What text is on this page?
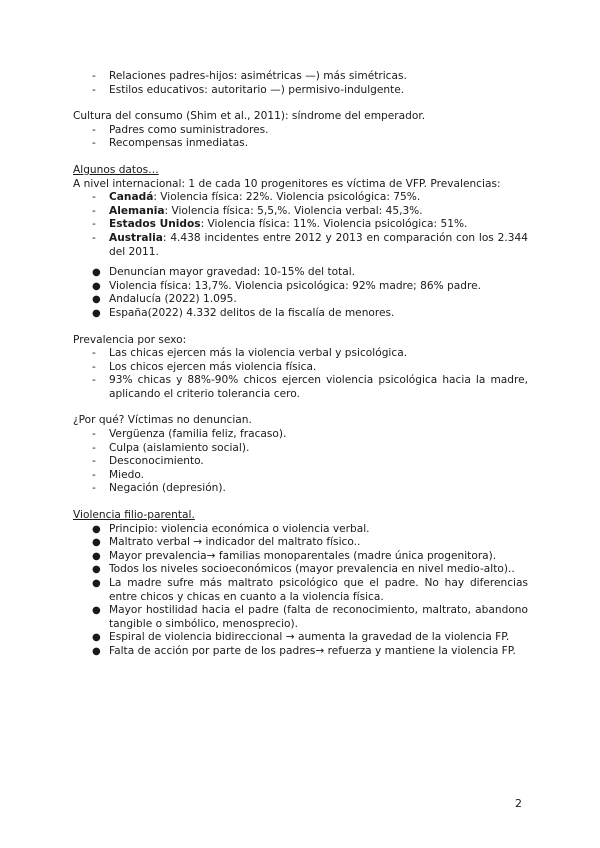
- Relaciones padres-hijos: asimétricas —) más simétricas.
- Estilos educativos: autoritario —) permisivo-indulgente.

Cultura del consumo (Shim et al., 2011): síndrome del emperador.

- Padres como suministradores.
- Recompensas inmediatas.

Algunos datos…

A nivel internacional: 1 de cada 10 progenitores es víctima de VFP. Prevalencias:

- Canadá: Violencia física: 22%. Violencia psicológica: 75%.
- Alemania: Violencia física: 5,5,%. Violencia verbal: 45,3%.
- Estados Unidos: Violencia física: 11%. Violencia psicológica: 51%.
- Australia: 4.438 incidentes entre 2012 y 2013 en comparación con los 2.344 del 2011.
● Denuncian mayor gravedad: 10-15% del total.
● Violencia física: 13,7%. Violencia psicológica: 92% madre; 86% padre.
● Andalucía (2022) 1.095.
● España(2022) 4.332 delitos de la fiscalía de menores.

Prevalencia por sexo:

- Las chicas ejercen más la violencia verbal y psicológica.
- Los chicos ejercen más violencia física.
- 93% chicas y 88%-90% chicos ejercen violencia psicológica hacia la madre, aplicando el criterio tolerancia cero.

¿Por qué? Víctimas no denuncian.

- Vergüenza (familia feliz, fracaso).
- Culpa (aislamiento social).
- Desconocimiento.
- Miedo.
- Negación (depresión).

Violencia filio-parental.

● Principio: violencia económica o violencia verbal.
● Maltrato verbal → indicador del maltrato físico..
● Mayor prevalencia→ familias monoparentales (madre única progenitora).
● Todos los niveles socioeconómicos (mayor prevalencia en nivel medio-alto)..
● La madre sufre más maltrato psicológico que el padre. No hay diferencias entre chicos y chicas en cuanto a la violencia física.
● Mayor hostilidad hacia el padre (falta de reconocimiento, maltrato, abandono tangible o simbólico, menosprecio).
● Espiral de violencia bidireccional → aumenta la gravedad de la violencia FP.
● Falta de acción por parte de los padres→ refuerza y mantiene la violencia FP.
2
